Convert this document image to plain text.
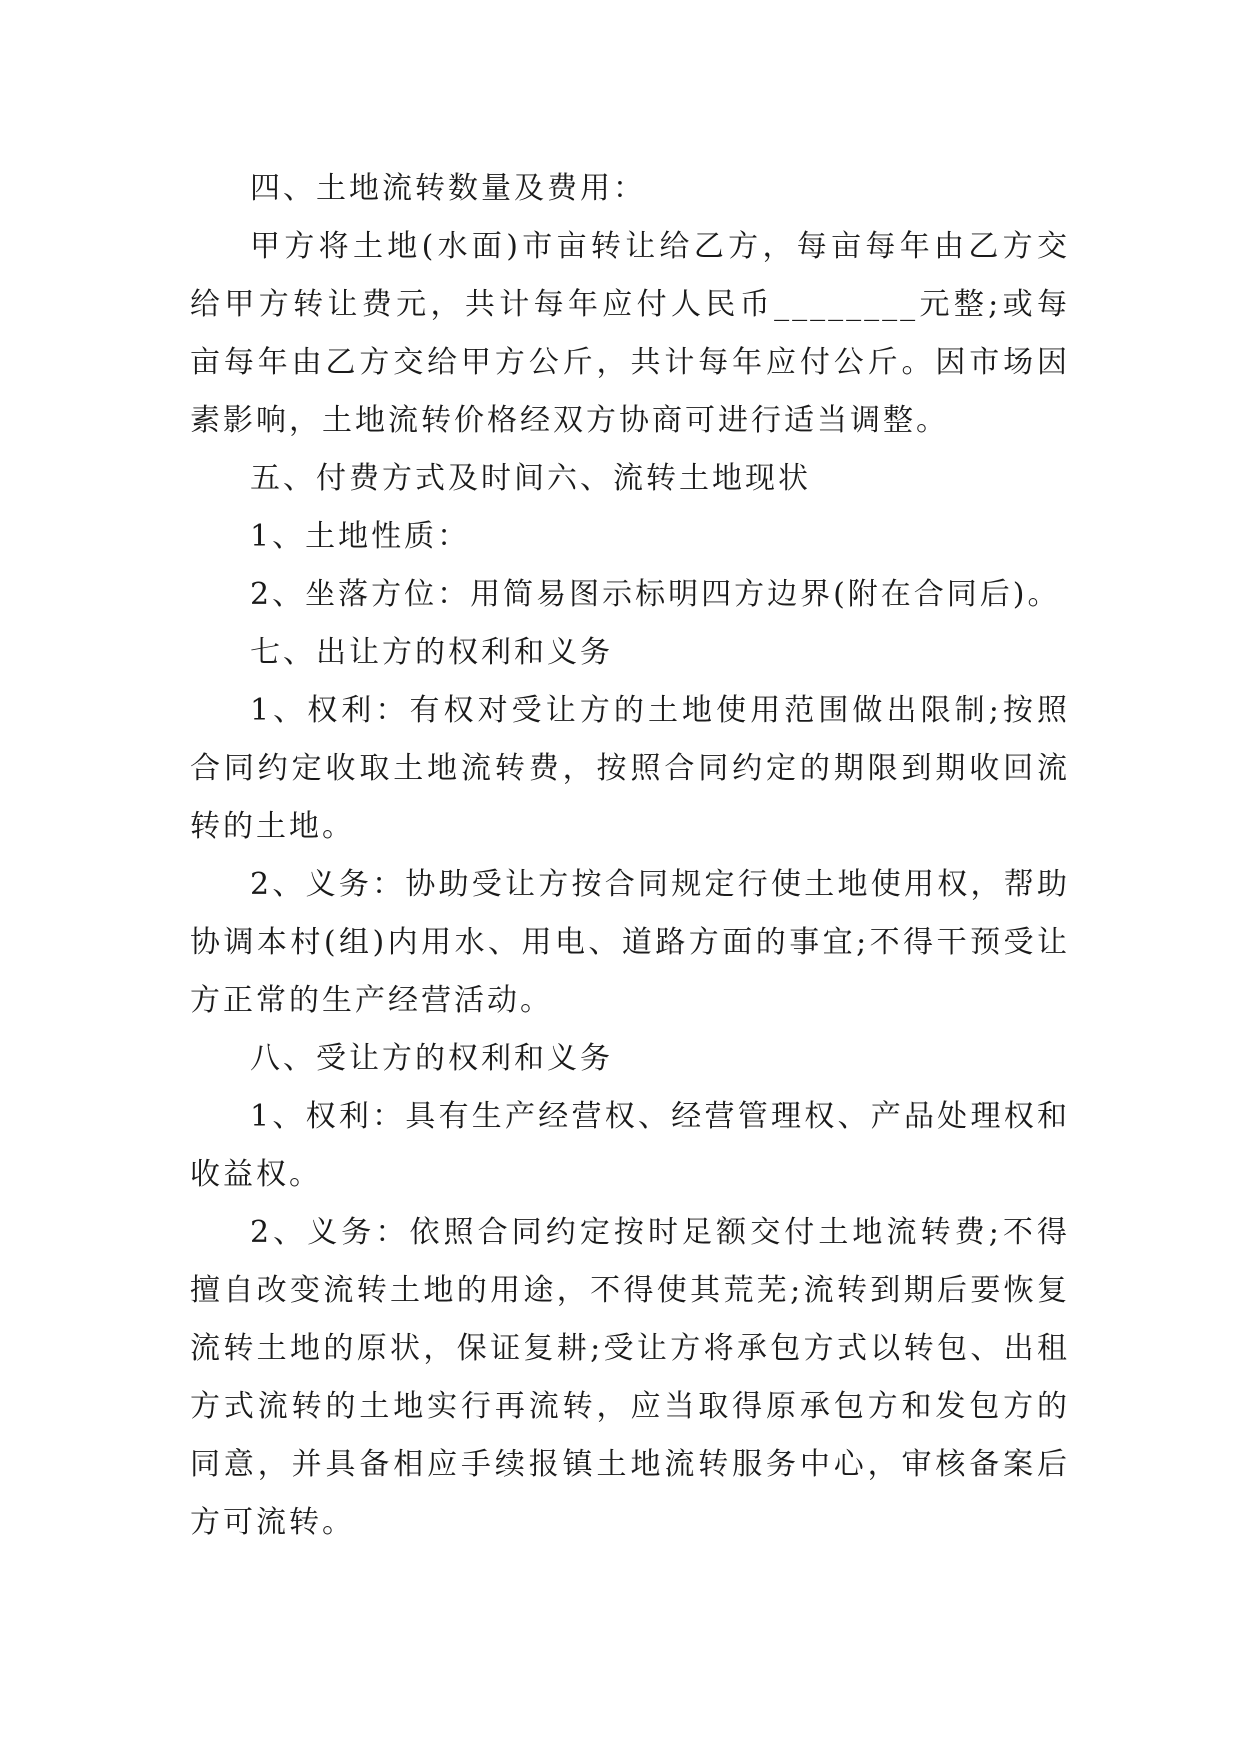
四、土地流转数量及费用：

甲方将土地(水面)市亩转让给乙方，每亩每年由乙方交给甲方转让费元，共计每年应付人民币________元整;或每亩每年由乙方交给甲方公斤，共计每年应付公斤。因市场因素影响，土地流转价格经双方协商可进行适当调整。

五、付费方式及时间六、流转土地现状

1、土地性质：

2、坐落方位：用简易图示标明四方边界(附在合同后)。

七、出让方的权利和义务

1、权利：有权对受让方的土地使用范围做出限制;按照合同约定收取土地流转费，按照合同约定的期限到期收回流转的土地。

2、义务：协助受让方按合同规定行使土地使用权，帮助协调本村(组)内用水、用电、道路方面的事宜;不得干预受让方正常的生产经营活动。

八、受让方的权利和义务

1、权利：具有生产经营权、经营管理权、产品处理权和收益权。

2、义务：依照合同约定按时足额交付土地流转费;不得擅自改变流转土地的用途，不得使其荒芜;流转到期后要恢复流转土地的原状，保证复耕;受让方将承包方式以转包、出租方式流转的土地实行再流转，应当取得原承包方和发包方的同意，并具备相应手续报镇土地流转服务中心，审核备案后方可流转。
